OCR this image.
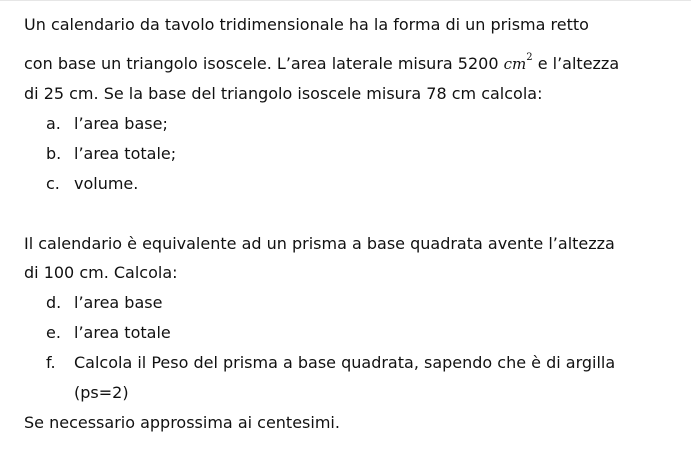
Un calendario da tavolo tridimensionale ha la forma di un prisma retto
con base un triangolo isoscele. L’area laterale misura 5200 $cm^2$ e l’altezza
di 25 cm. Se la base del triangolo isoscele misura 78 cm calcola:
a. l’area base;
b. l’area totale;
c. volume.
Il calendario è equivalente ad un prisma a base quadrata avente l’altezza
di 100 cm. Calcola:
d. l’area base
e. l’area totale
f. Calcola il Peso del prisma a base quadrata, sapendo che è di argilla
(ps=2)
Se necessario approssima ai centesimi.
